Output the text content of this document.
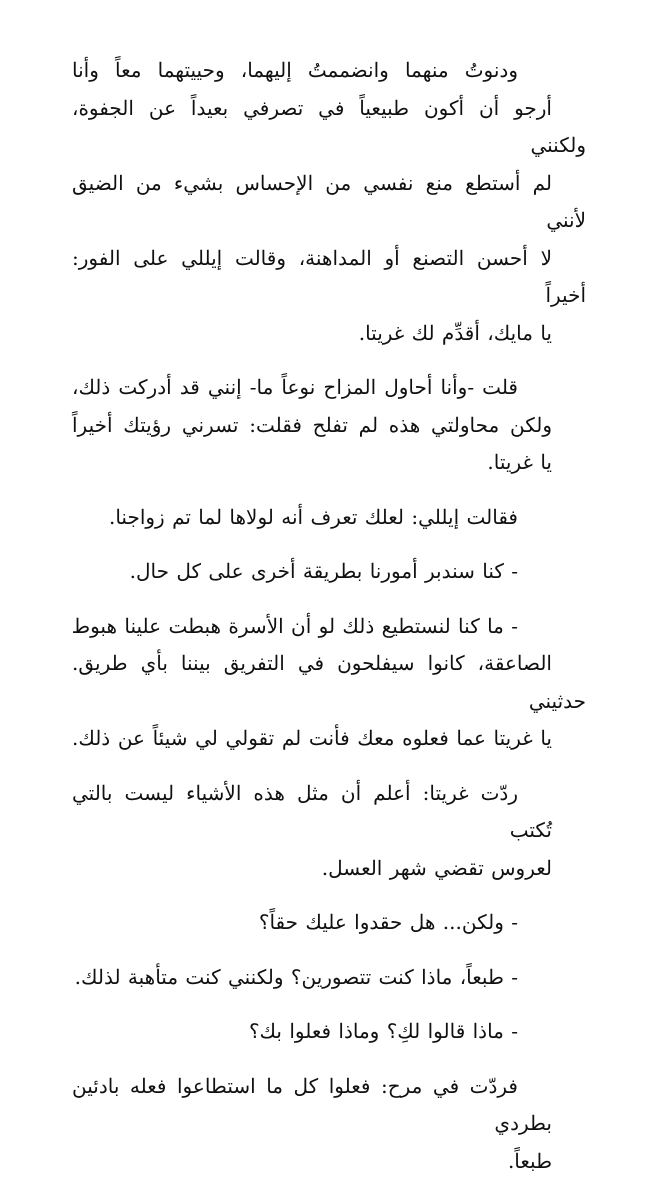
ودنوتُ منهما وانضممتُ إليهما، وحييتهما معاً وأنا
أرجو أن أكون طبيعياً في تصرفي بعيداً عن الجفوة، ولكنني
لم أستطع منع نفسي من الإحساس بشيء من الضيق لأنني
لا أحسن التصنع أو المداهنة، وقالت إيللي على الفور: أخيراً
يا مايك، أقدِّم لك غريتا.
قلت -وأنا أحاول المزاح نوعاً ما- إنني قد أدركت ذلك،
ولكن محاولتي هذه لم تفلح فقلت: تسرني رؤيتك أخيراً
يا غريتا.
فقالت إيللي: لعلك تعرف أنه لولاها لما تم زواجنا.
- كنا سندبر أمورنا بطريقة أخرى على كل حال.
- ما كنا لنستطيع ذلك لو أن الأسرة هبطت علينا هبوط
الصاعقة، كانوا سيفلحون في التفريق بيننا بأي طريق. حدثيني
يا غريتا عما فعلوه معك فأنت لم تقولي لي شيئاً عن ذلك.
ردّت غريتا: أعلم أن مثل هذه الأشياء ليست بالتي تُكتب
لعروس تقضي شهر العسل.
- ولكن... هل حقدوا عليك حقاً؟
- طبعاً، ماذا كنت تتصورين؟ ولكنني كنت متأهبة لذلك.
- ماذا قالوا لكِ؟ وماذا فعلوا بك؟
فردّت في مرح: فعلوا كل ما استطاعوا فعله بادئين بطردي
طبعاً.
